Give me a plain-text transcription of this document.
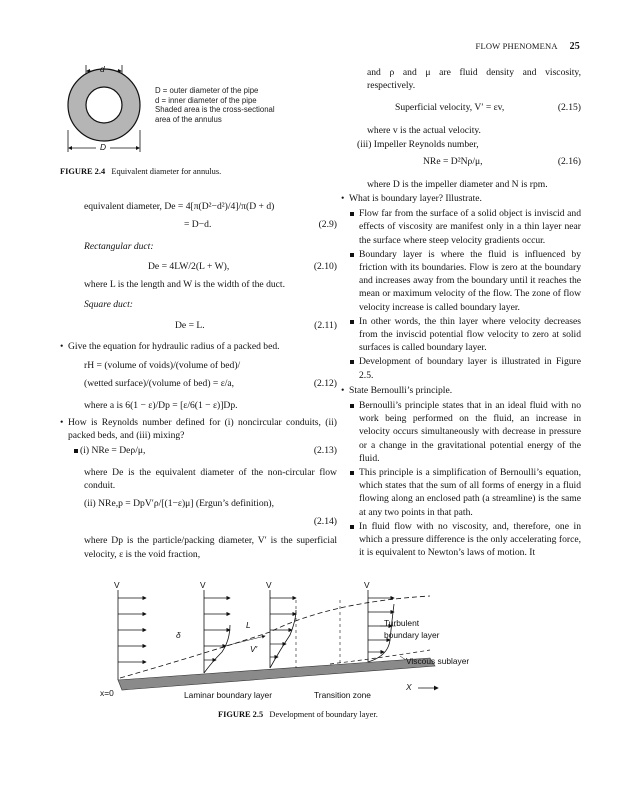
FLOW PHENOMENA 25
d
D
D = outer diameter of the pipe
d = inner diameter of the pipe
Shaded area is the cross-sectional
area of the annulus
FIGURE 2.4 Equivalent diameter for annulus.
equivalent diameter, De = 4[π(D²−d²)/4]/π(D + d)
= D−d.	(2.9)
Rectangular duct:
De = 4LW/2(L + W),	(2.10)
where L is the length and W is the width of the duct.
Square duct:
De = L.	(2.11)
• Give the equation for hydraulic radius of a packed bed.
rH = (volume of voids)/(volume of bed)/
(wetted surface)/(volume of bed) = ε/a,	(2.12)
where a is 6(1 − ε)/Dp = [ε/6(1 − ε)]Dp.
• How is Reynolds number defined for (i) noncircular conduits, (ii) packed beds, and (iii) mixing?
(i) NRe = Deρ/μ,	(2.13)
where De is the equivalent diameter of the non-circular flow conduit.
(ii) NRe,p = DpV′ρ/[(1−ε)μ] (Ergun’s definition),
(2.14)
where Dp is the particle/packing diameter, V′ is the superficial velocity, ε is the void fraction,
and ρ and μ are fluid density and viscosity, respectively.
Superficial velocity, V′ = εv,	(2.15)
where v is the actual velocity.
(iii) Impeller Reynolds number,
NRe = D²Nρ/μ,	(2.16)
where D is the impeller diameter and N is rpm.
• What is boundary layer? Illustrate.
Flow far from the surface of a solid object is inviscid and effects of viscosity are manifest only in a thin layer near the surface where steep velocity gradients occur.
Boundary layer is where the fluid is influenced by friction with its boundaries. Flow is zero at the boundary and increases away from the boundary until it reaches the mean or maximum velocity of the flow. The zone of flow velocity increase is called boundary layer.
In other words, the thin layer where velocity decreases from the inviscid potential flow velocity to zero at solid surfaces is called boundary layer.
Development of boundary layer is illustrated in Figure 2.5.
• State Bernoulli’s principle.
Bernoulli’s principle states that in an ideal fluid with no work being performed on the fluid, an increase in velocity occurs simultaneously with decrease in pressure or a change in the gravitational potential energy of the fluid.
This principle is a simplification of Bernoulli’s equation, which states that the sum of all forms of energy in a fluid flowing along an enclosed path (a streamline) is the same at any two points in that path.
In fluid flow with no viscosity, and, therefore, one in which a pressure difference is the only accelerating force, it is equivalent to Newton’s laws of motion. It
V	V	V	V
δ
L
V′
Turbulent
boundary layer
Viscous sublayer
x=0	Laminar boundary layer	Transition zone
X
FIGURE 2.5 Development of boundary layer.
